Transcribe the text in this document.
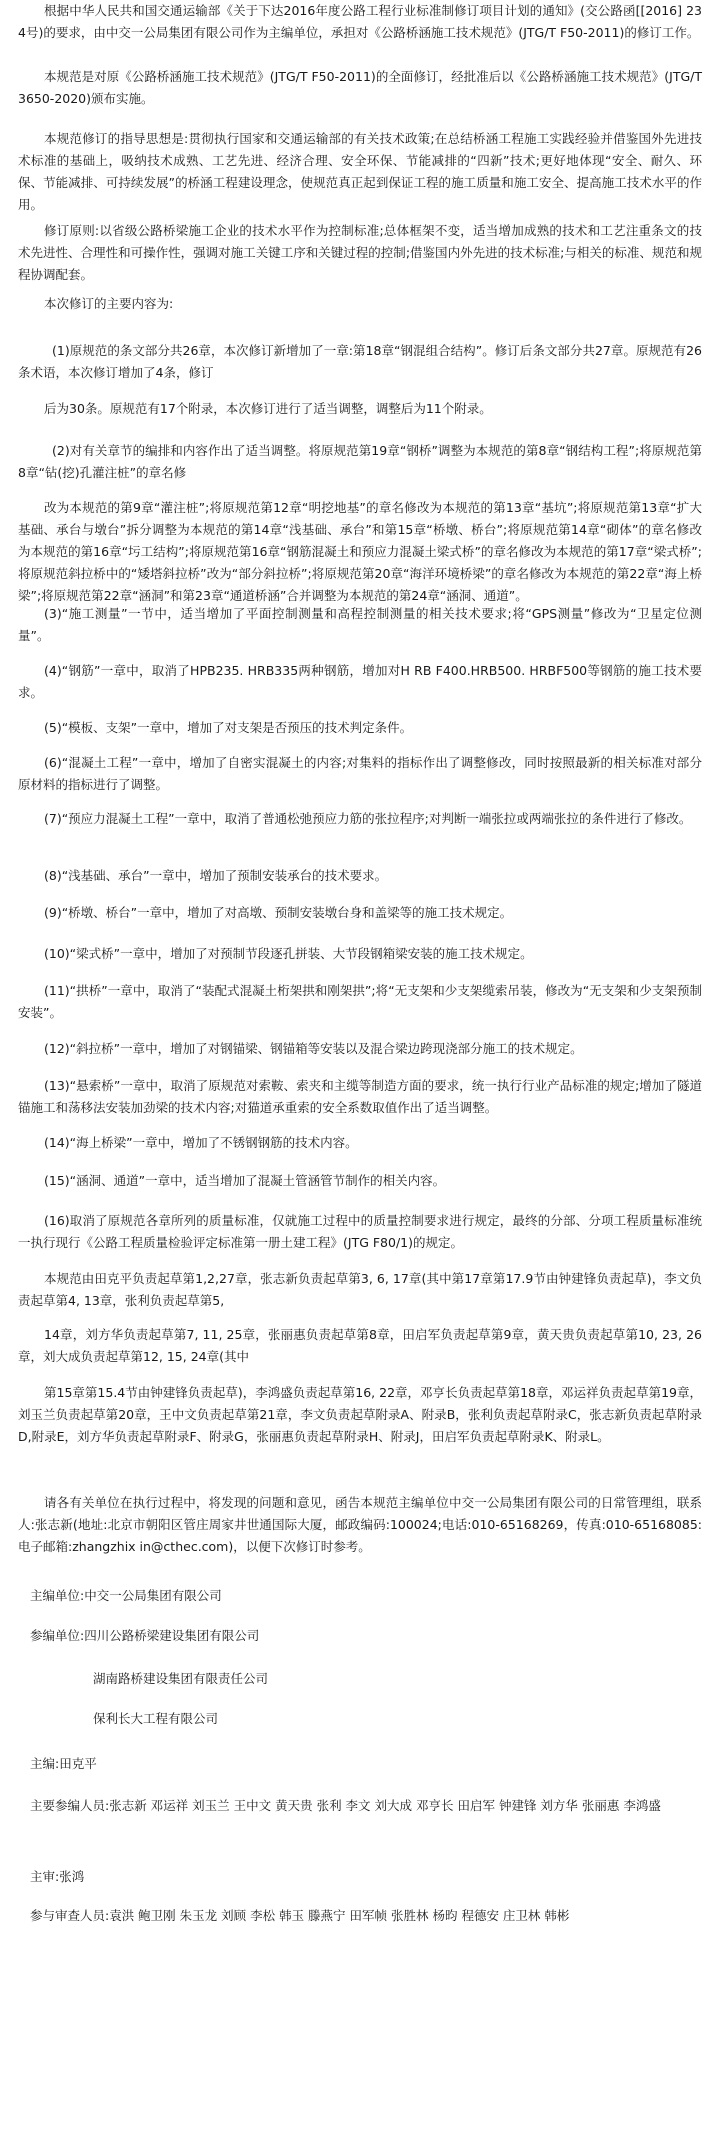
根据中华人民共和国交通运输部《关于下达2016年度公路工程行业标准制修订项目计划的通知》(交公路函[[2016] 234号)的要求，由中交一公局集团有限公司作为主编单位，承担对《公路桥涵施工技术规范》(JTG/T F50-2011)的修订工作。

本规范是对原《公路桥涵施工技术规范》(JTG/T F50-2011)的全面修订，经批准后以《公路桥涵施工技术规范》(JTG/T 3650-2020)颁布实施。

本规范修订的指导思想是:贯彻执行国家和交通运输部的有关技术政策;在总结桥涵工程施工实践经验并借鉴国外先进技术标准的基础上，吸纳技术成熟、工艺先进、经济合理、安全环保、节能减排的“四新”技术;更好地体现“安全、耐久、环保、节能减排、可持续发展”的桥涵工程建设理念，使规范真正起到保证工程的施工质量和施工安全、提高施工技术水平的作用。

修订原则:以省级公路桥梁施工企业的技术水平作为控制标准;总体框架不变，适当增加成熟的技术和工艺注重条文的技术先进性、合理性和可操作性，强调对施工关键工序和关键过程的控制;借鉴国内外先进的技术标准;与相关的标准、规范和规程协调配套。

本次修订的主要内容为:

(1)原规范的条文部分共26章，本次修订新增加了一章:第18章“钢混组合结构”。修订后条文部分共27章。原规范有26条术语，本次修订增加了4条，修订

后为30条。原规范有17个附录，本次修订进行了适当调整，调整后为11个附录。

(2)对有关章节的编排和内容作出了适当调整。将原规范第19章“钢桥”调整为本规范的第8章“钢结构工程”;将原规范第8章“钻(挖)孔灌注桩”的章名修

改为本规范的第9章“灌注桩”;将原规范第12章“明挖地基”的章名修改为本规范的第13章“基坑”;将原规范第13章“扩大基础、承台与墩台”拆分调整为本规范的第14章“浅基础、承台”和第15章“桥墩、桥台”;将原规范第14章“砌体”的章名修改为本规范的第16章“圬工结构”;将原规范第16章“钢筋混凝土和预应力混凝土梁式桥”的章名修改为本规范的第17章“梁式桥”;将原规范斜拉桥中的“矮塔斜拉桥”改为“部分斜拉桥”;将原规范第20章“海洋环境桥梁”的章名修改为本规范的第22章“海上桥梁”;将原规范第22章“涵洞”和第23章“通道桥涵”合并调整为本规范的第24章“涵洞、通道”。

(3)“施工测量”一节中，适当增加了平面控制测量和高程控制测量的相关技术要求;将“GPS测量”修改为“卫星定位测量”。

(4)“钢筋”一章中，取消了HPB235. HRB335两种钢筋，增加对H RB F400.HRB500. HRBF500等钢筋的施工技术要求。

(5)“模板、支架”一章中，增加了对支架是否预压的技术判定条件。

(6)“混凝土工程”一章中，增加了自密实混凝土的内容;对集料的指标作出了调整修改，同时按照最新的相关标准对部分原材料的指标进行了调整。

(7)“预应力混凝土工程”一章中，取消了普通松弛预应力筋的张拉程序;对判断一端张拉或两端张拉的条件进行了修改。

(8)“浅基础、承台”一章中，增加了预制安装承台的技术要求。

(9)“桥墩、桥台”一章中，增加了对高墩、预制安装墩台身和盖梁等的施工技术规定。

(10)“梁式桥”一章中，增加了对预制节段逐孔拼装、大节段钢箱梁安装的施工技术规定。

(11)“拱桥”一章中，取消了“装配式混凝土桁架拱和刚架拱”;将“无支架和少支架缆索吊装，修改为“无支架和少支架预制安装”。

(12)“斜拉桥”一章中，增加了对钢锚梁、钢锚箱等安装以及混合梁边跨现浇部分施工的技术规定。

(13)“悬索桥”一章中，取消了原规范对索鞍、索夹和主缆等制造方面的要求，统一执行行业产品标准的规定;增加了隧道锚施工和荡移法安装加劲梁的技术内容;对猫道承重索的安全系数取值作出了适当调整。

(14)“海上桥梁”一章中，增加了不锈钢钢筋的技术内容。

(15)“涵洞、通道”一章中，适当增加了混凝土管涵管节制作的相关内容。

(16)取消了原规范各章所列的质量标准，仅就施工过程中的质量控制要求进行规定，最终的分部、分项工程质量标准统一执行现行《公路工程质量检验评定标准第一册土建工程》(JTG F80/1)的规定。

本规范由田克平负责起草第1,2,27章，张志新负责起草第3, 6, 17章(其中第17章第17.9节由钟建锋负责起草)，李文负责起草第4, 13章，张利负责起草第5,

14章，刘方华负责起草第7, 11, 25章，张丽惠负责起草第8章，田启军负责起草第9章，黄天贵负责起草第10, 23, 26章，刘大成负责起草第12, 15, 24章(其中

第15章第15.4节由钟建锋负责起草)，李鸿盛负责起草第16, 22章，邓亨长负责起草第18章，邓运祥负责起草第19章，刘玉兰负责起草第20章，王中文负责起草第21章，李文负责起草附录A、附录B，张利负责起草附录C，张志新负责起草附录D,附录E，刘方华负责起草附录F、附录G，张丽惠负责起草附录H、附录J，田启军负责起草附录K、附录L。

请各有关单位在执行过程中，将发现的问题和意见，函告本规范主编单位中交一公局集团有限公司的日常管理组，联系人:张志新(地址:北京市朝阳区管庄周家井世通国际大厦，邮政编码:100024;电话:010-65168269，传真:010-65168085:电子邮箱:zhangzhix in@cthec.com)，以便下次修订时参考。

主编单位:中交一公局集团有限公司
参编单位:四川公路桥梁建设集团有限公司
湖南路桥建设集团有限责任公司
保利长大工程有限公司
主编:田克平

主要参编人员:张志新 邓运祥 刘玉兰 王中文 黄天贵 张利 李文 刘大成 邓亨长 田启军 钟建锋 刘方华 张丽惠 李鸿盛

主审:张鸿

参与审查人员:袁洪 鲍卫刚 朱玉龙 刘顾 李松 韩玉 滕燕宁 田军帧 张胜林 杨昀 程德安 庄卫林 韩彬
